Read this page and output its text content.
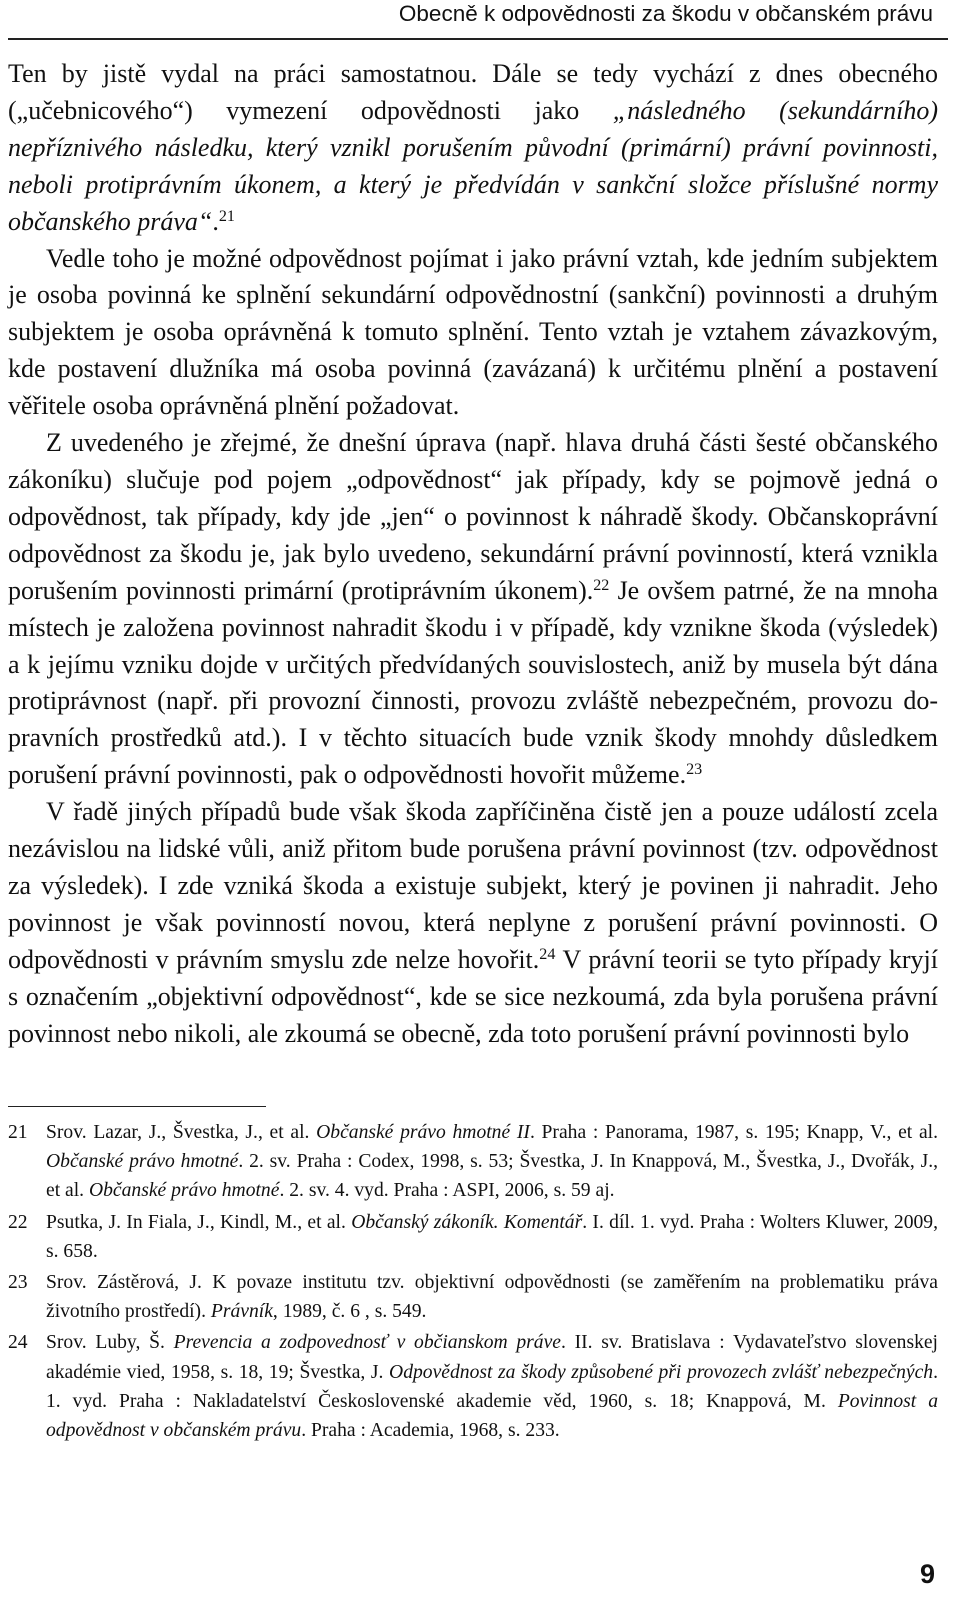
Obecně k odpovědnosti za škodu v občanském právu

Ten by jistě vydal na práci samostatnou. Dále se tedy vychází z dnes obecného („učebnicového“) vymezení odpovědnosti jako „následného (sekundárního) nepříznivého následku, který vznikl porušením původní (primární) právní povinnosti, neboli protiprávním úkonem, a který je předvídán v sankční složce příslušné normy občanského práva“.$^{21}$

Vedle toho je možné odpovědnost pojímat i jako právní vztah, kde jedním subjektem je osoba povinná ke splnění sekundární odpovědnostní (sankční) povinnosti a druhým subjektem je osoba oprávněná k tomuto splnění. Tento vztah je vztahem závazkovým, kde postavení dlužníka má osoba povinná (zavázaná) k určitému plnění a postavení věřitele osoba oprávněná plnění požadovat.

Z uvedeného je zřejmé, že dnešní úprava (např. hlava druhá části šesté občanského zákoníku) slučuje pod pojem „odpovědnost“ jak případy, kdy se pojmově jedná o odpovědnost, tak případy, kdy jde „jen“ o povinnost k náhradě škody. Občanskoprávní odpovědnost za škodu je, jak bylo uvedeno, sekundární právní povinností, která vznikla porušením povinnosti primární (protiprávním úkonem).$^{22}$ Je ovšem patrné, že na mnoha místech je založena povinnost nahradit škodu i v případě, kdy vznikne škoda (výsledek) a k jejímu vzniku dojde v určitých předvídaných souvislostech, aniž by musela být dána protiprávnost (např. při provozní činnosti, provozu zvláště nebezpečném, provozu dopravních prostředků atd.). I v těchto situacích bude vznik škody mnohdy důsledkem porušení právní povinnosti, pak o odpovědnosti hovořit můžeme.$^{23}$

V řadě jiných případů bude však škoda zapříčiněna čistě jen a pouze událostí zcela nezávislou na lidské vůli, aniž přitom bude porušena právní povinnost (tzv. odpovědnost za výsledek). I zde vzniká škoda a existuje subjekt, který je povinen ji nahradit. Jeho povinnost je však povinností novou, která neplyne z porušení právní povinnosti. O odpovědnosti v právním smyslu zde nelze hovořit.$^{24}$ V právní teorii se tyto případy kryjí s označením „objektivní odpovědnost“, kde se sice nezkoumá, zda byla porušena právní povinnost nebo nikoli, ale zkoumá se obecně, zda toto porušení právní povinnosti bylo

21 Srov. Lazar, J., Švestka, J., et al. Občanské právo hmotné II. Praha : Panorama, 1987, s. 195; Knapp, V., et al. Občanské právo hmotné. 2. sv. Praha : Codex, 1998, s. 53; Švestka, J. In Knappová, M., Švestka, J., Dvořák, J., et al. Občanské právo hmotné. 2. sv. 4. vyd. Praha : ASPI, 2006, s. 59 aj.
22 Psutka, J. In Fiala, J., Kindl, M., et al. Občanský zákoník. Komentář. I. díl. 1. vyd. Praha : Wolters Kluwer, 2009, s. 658.
23 Srov. Zástěrová, J. K povaze institutu tzv. objektivní odpovědnosti (se zaměřením na problematiku práva životního prostředí). Právník, 1989, č. 6 , s. 549.
24 Srov. Luby, Š. Prevencia a zodpovednosť v občianskom práve. II. sv. Bratislava : Vydavateľstvo slovenskej akadémie vied, 1958, s. 18, 19; Švestka, J. Odpovědnost za škody způsobené při provozech zvlášť nebezpečných. 1. vyd. Praha : Nakladatelství Československé akademie věd, 1960, s. 18; Knappová, M. Povinnost a odpovědnost v občanském právu. Praha : Academia, 1968, s. 233.
9
